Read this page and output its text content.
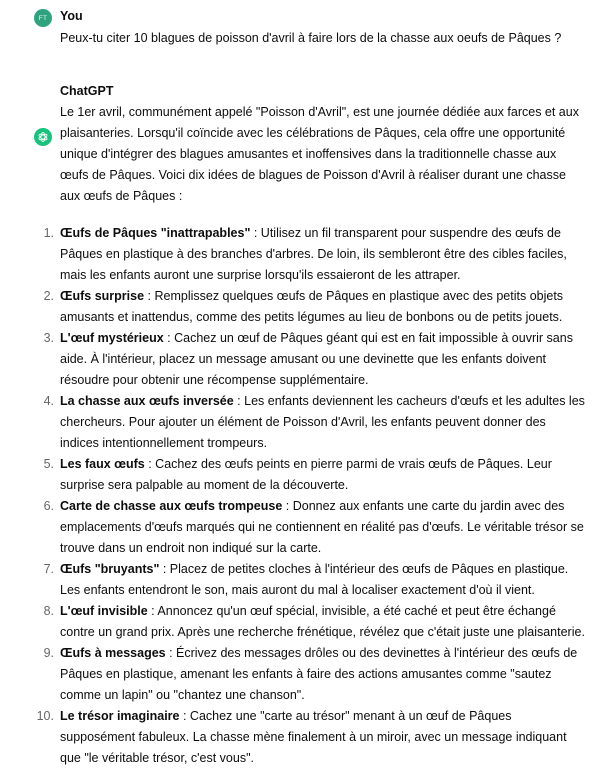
FT	You

Peux-tu citer 10 blagues de poisson d'avril à faire lors de la chasse aux oeufs de Pâques ?

ChatGPT

Le 1er avril, communément appelé "Poisson d'Avril", est une journée dédiée aux farces et aux plaisanteries. Lorsqu'il coïncide avec les célébrations de Pâques, cela offre une opportunité unique d'intégrer des blagues amusantes et inoffensives dans la traditionnelle chasse aux œufs de Pâques. Voici dix idées de blagues de Poisson d'Avril à réaliser durant une chasse aux œufs de Pâques :

1. Œufs de Pâques "inattrapables" : Utilisez un fil transparent pour suspendre des œufs de Pâques en plastique à des branches d'arbres. De loin, ils sembleront être des cibles faciles, mais les enfants auront une surprise lorsqu'ils essaieront de les attraper.
2. Œufs surprise : Remplissez quelques œufs de Pâques en plastique avec des petits objets amusants et inattendus, comme des petits légumes au lieu de bonbons ou de petits jouets.
3. L'œuf mystérieux : Cachez un œuf de Pâques géant qui est en fait impossible à ouvrir sans aide. À l'intérieur, placez un message amusant ou une devinette que les enfants doivent résoudre pour obtenir une récompense supplémentaire.
4. La chasse aux œufs inversée : Les enfants deviennent les cacheurs d'œufs et les adultes les chercheurs. Pour ajouter un élément de Poisson d'Avril, les enfants peuvent donner des indices intentionnellement trompeurs.
5. Les faux œufs : Cachez des œufs peints en pierre parmi de vrais œufs de Pâques. Leur surprise sera palpable au moment de la découverte.
6. Carte de chasse aux œufs trompeuse : Donnez aux enfants une carte du jardin avec des emplacements d'œufs marqués qui ne contiennent en réalité pas d'œufs. Le véritable trésor se trouve dans un endroit non indiqué sur la carte.
7. Œufs "bruyants" : Placez de petites cloches à l'intérieur des œufs de Pâques en plastique. Les enfants entendront le son, mais auront du mal à localiser exactement d'où il vient.
8. L'œuf invisible : Annoncez qu'un œuf spécial, invisible, a été caché et peut être échangé contre un grand prix. Après une recherche frénétique, révélez que c'était juste une plaisanterie.
9. Œufs à messages : Écrivez des messages drôles ou des devinettes à l'intérieur des œufs de Pâques en plastique, amenant les enfants à faire des actions amusantes comme "sautez comme un lapin" ou "chantez une chanson".
10. Le trésor imaginaire : Cachez une "carte au trésor" menant à un œuf de Pâques supposément fabuleux. La chasse mène finalement à un miroir, avec un message indiquant que "le véritable trésor, c'est vous".
